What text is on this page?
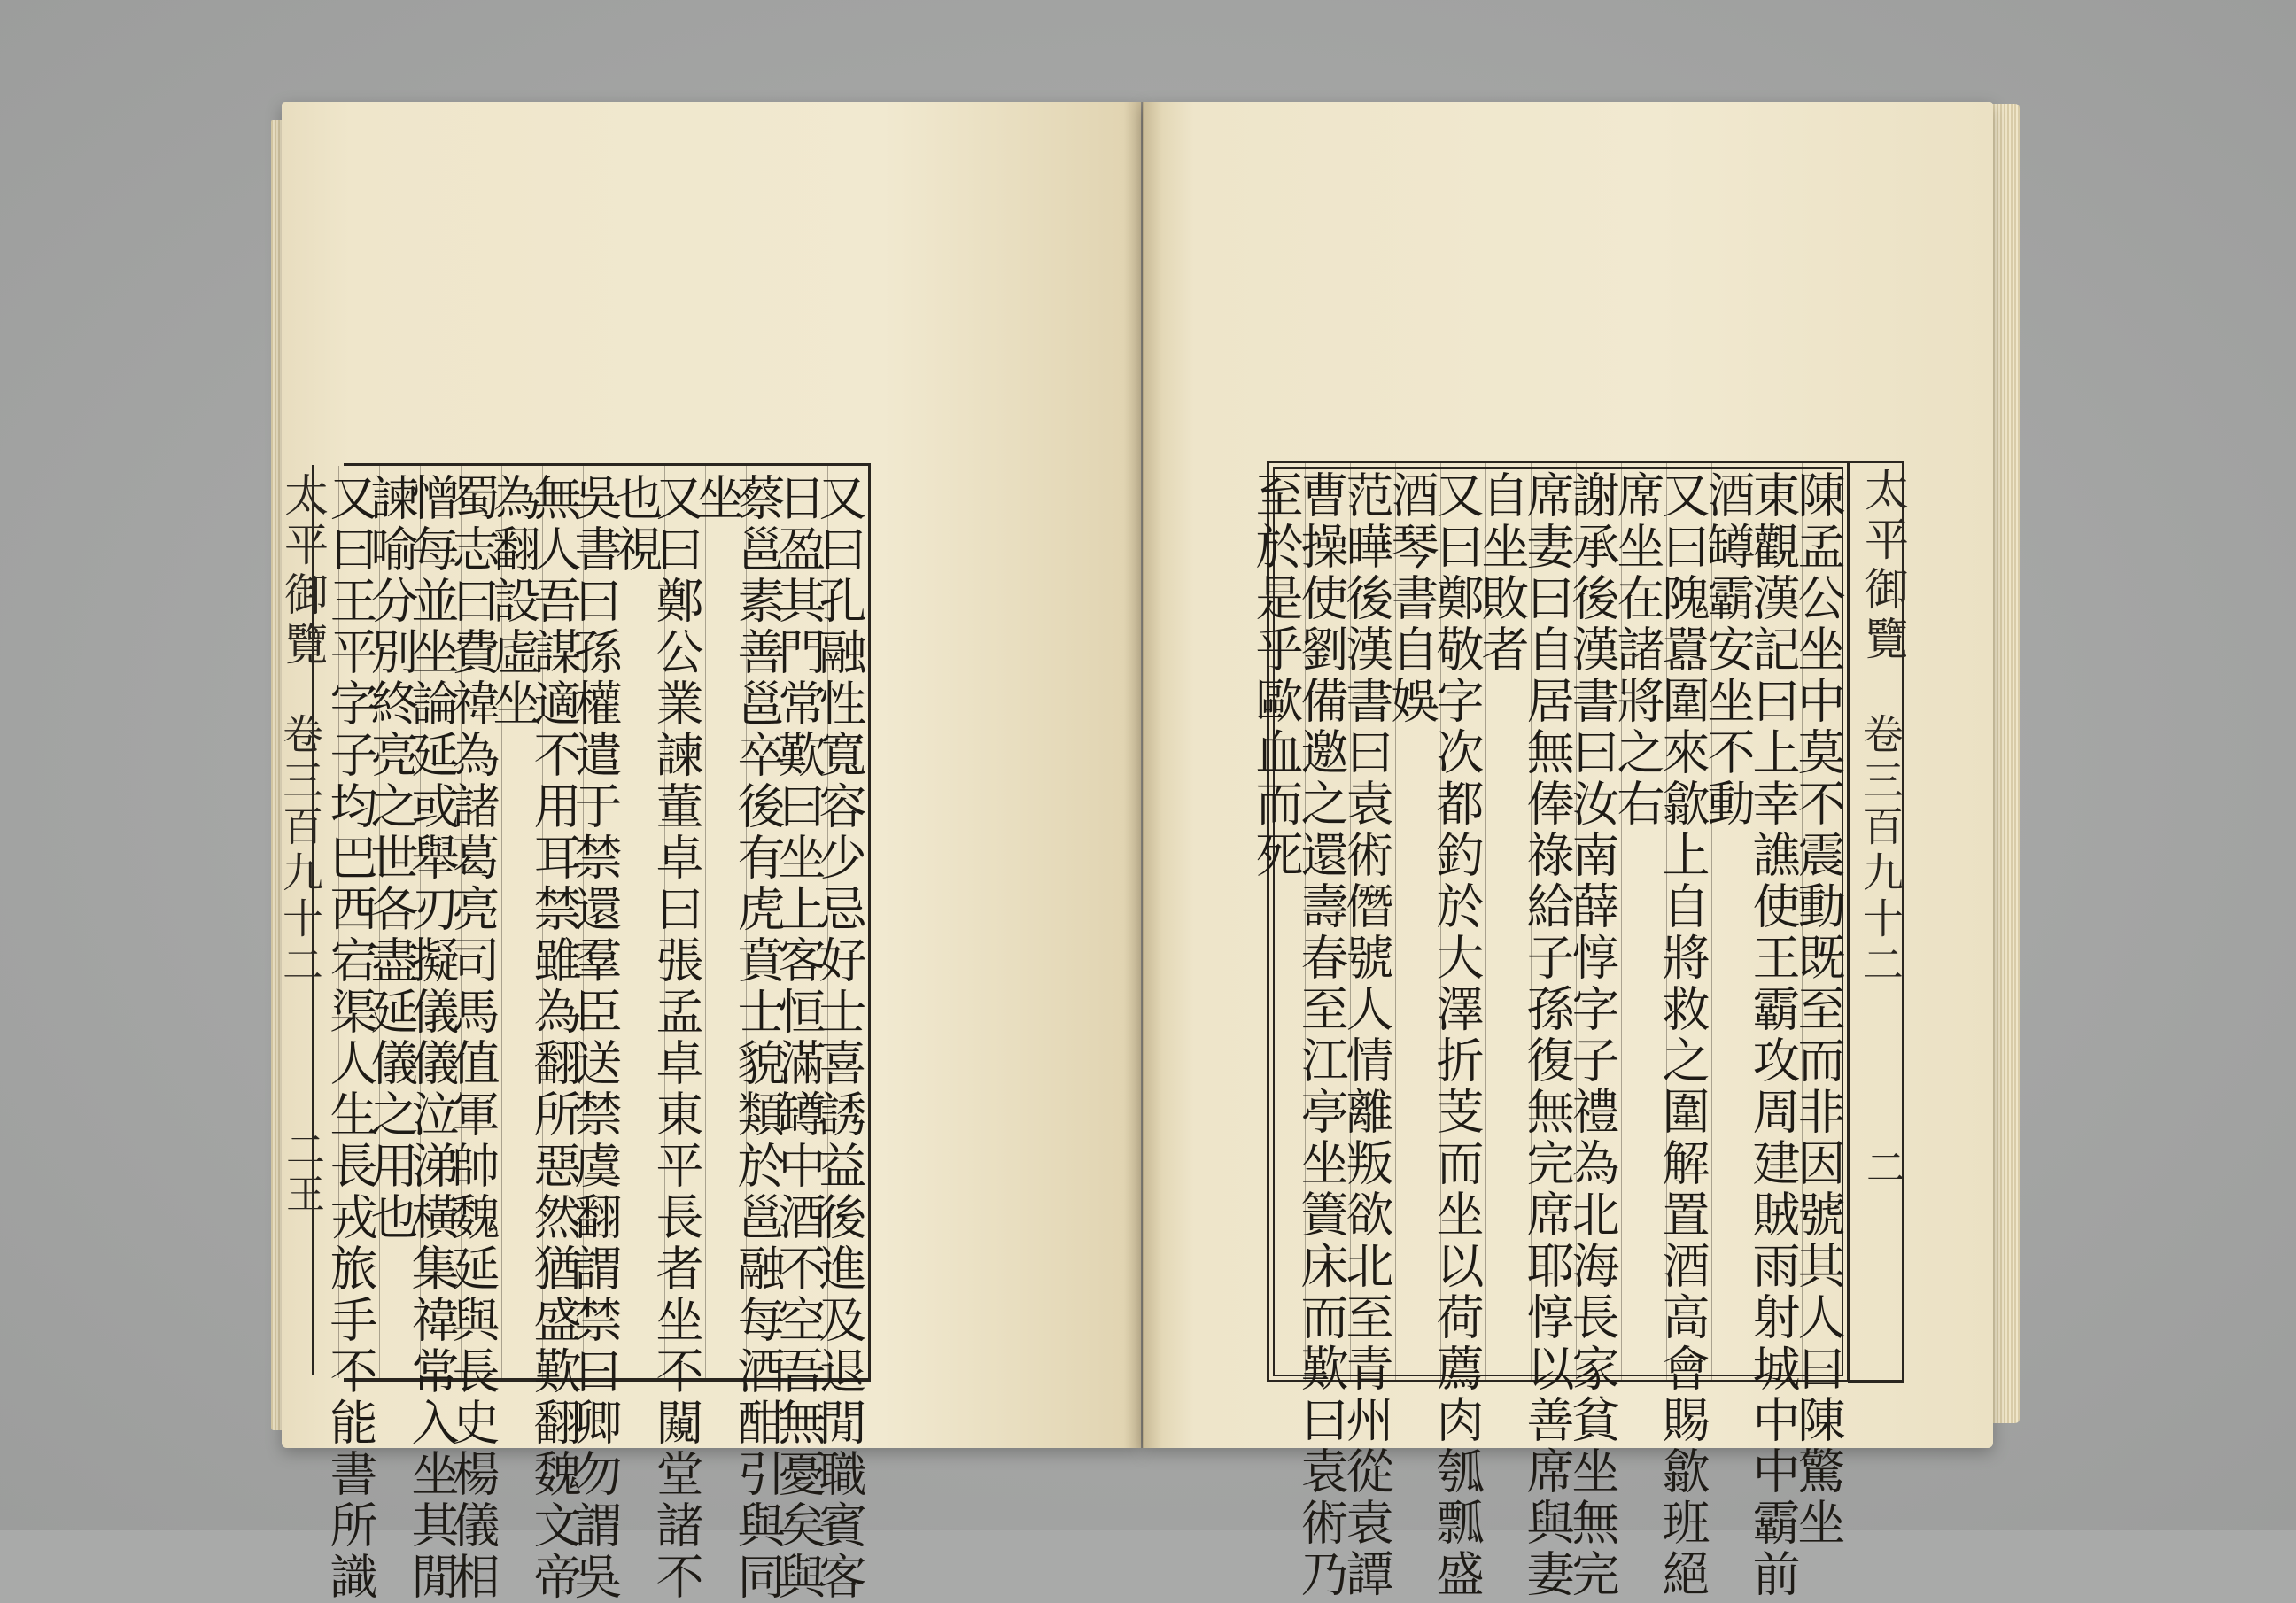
太平御覽
卷三百九十二
二王	又曰孔融性寬容少忌好士喜誘益後進及退閒職賓客
日盈其門常歎曰坐上客恒滿罇中酒不空吾無憂矣與
蔡邕素善邕卒後有虎賁士貌類於邕融每酒酣引與同
坐
又曰鄭公業諫董卓曰張孟卓東平長者坐不闚堂諸不
也視
吳書曰孫權遣于禁還羣臣送禁虞翻謂禁曰卿勿謂吳
無人吾謀適不用耳禁雖為翻所惡然猶盛歎翻魏文帝
為翻設虛坐
蜀志曰費禕為諸葛亮司馬值軍帥魏延與長史楊儀相
憎每並坐論延或舉刃擬儀儀泣涕橫集禕常入坐其閒
諫喻分別終亮之世各盡延儀之用也
又曰王平字子均巴西宕渠人生長戎旅手不能書所識	陳孟公坐中莫不震動既至而非因號其人曰陳驚坐
東觀漢記曰上幸譙使王霸攻周建賊雨射城中中霸前
酒罇霸安坐不動
又曰隗囂圍來歙上自將救之圍解置酒高會賜歙班絕
席坐在諸將之右
謝承後漢書曰汝南薛惇字子禮為北海長家貧坐無完
席妻曰自居無俸祿給子孫復無完席耶惇以善席與妻
自坐敗者
又曰鄭敬字次都釣於大澤折芰而坐以荷薦肉瓠瓢盛
酒琴書自娛
范曄後漢書曰袁術僭號人情離叛欲北至青州從袁譚
曹操使劉備邀之還壽春至江亭坐簀床而歎曰袁術乃
至於是乎歐血而死	太平御覽
卷三百九十二
二
